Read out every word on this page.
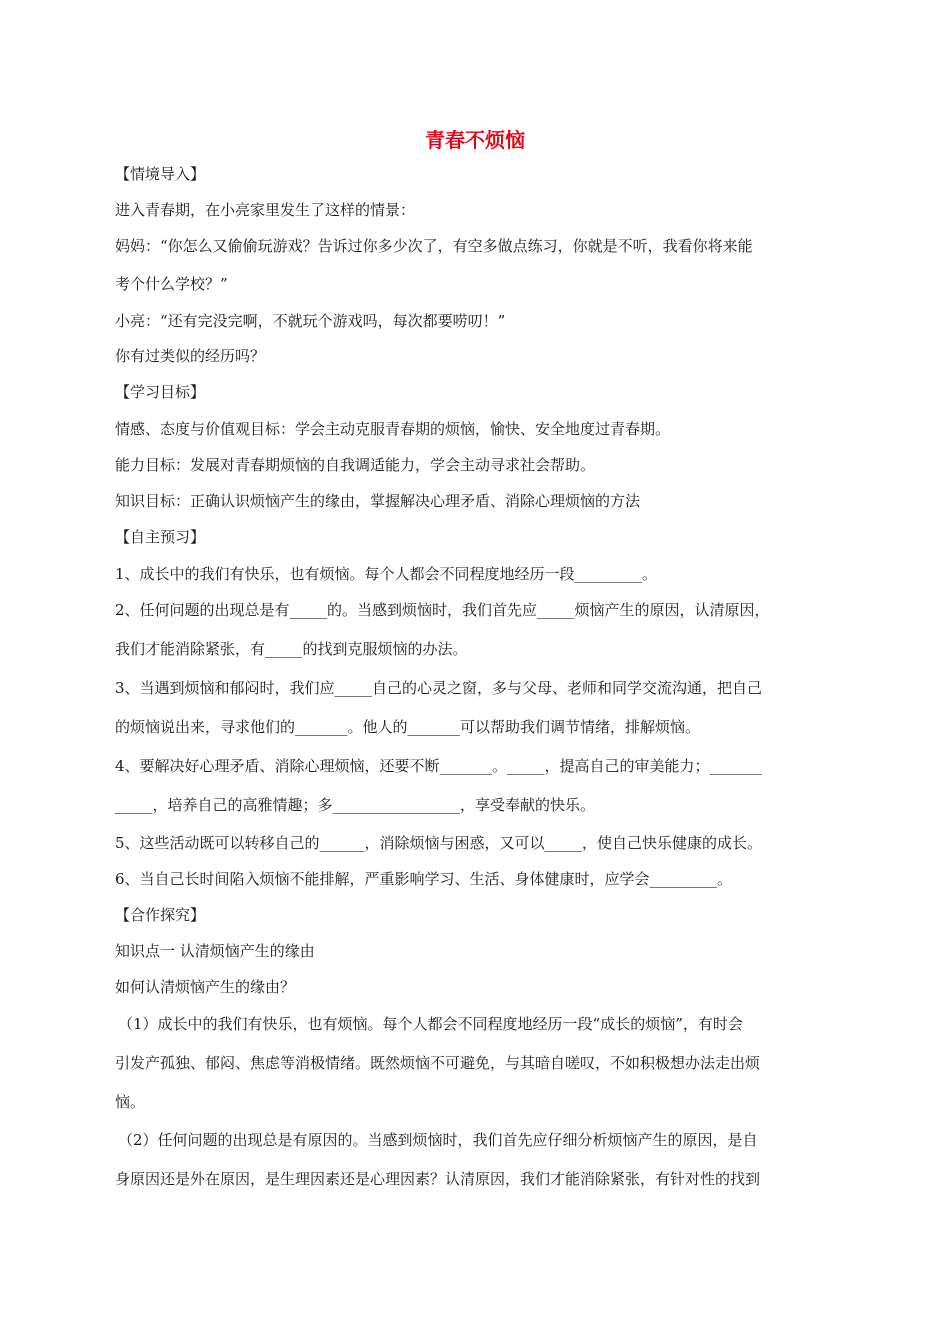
青春不烦恼

【情境导入】

进入青春期，在小亮家里发生了这样的情景：

妈妈：“你怎么又偷偷玩游戏？告诉过你多少次了，有空多做点练习，你就是不听，我看你将来能

考个什么学校？”

小亮：“还有完没完啊，不就玩个游戏吗，每次都要唠叨！”

你有过类似的经历吗？

【学习目标】

情感、态度与价值观目标：学会主动克服青春期的烦恼，愉快、安全地度过青春期。

能力目标：发展对青春期烦恼的自我调适能力，学会主动寻求社会帮助。

知识目标：正确认识烦恼产生的缘由，掌握解决心理矛盾、消除心理烦恼的方法

【自主预习】

1、成长中的我们有快乐，也有烦恼。每个人都会不同程度地经历一段_________。

2、任何问题的出现总是有_____的。当感到烦恼时，我们首先应_____烦恼产生的原因，认清原因，

我们才能消除紧张，有_____的找到克服烦恼的办法。

3、当遇到烦恼和郁闷时，我们应_____自己的心灵之窗，多与父母、老师和同学交流沟通，把自己

的烦恼说出来，寻求他们的_______。他人的_______可以帮助我们调节情绪，排解烦恼。

4、要解决好心理矛盾、消除心理烦恼，还要不断_______。_____，提高自己的审美能力；_______

_____，培养自己的高雅情趣；多_________________，享受奉献的快乐。

5、这些活动既可以转移自己的______，消除烦恼与困惑，又可以_____，使自己快乐健康的成长。

6、当自己长时间陷入烦恼不能排解，严重影响学习、生活、身体健康时，应学会_________。

【合作探究】

知识点一 认清烦恼产生的缘由

如何认清烦恼产生的缘由？

（1）成长中的我们有快乐，也有烦恼。每个人都会不同程度地经历一段“成长的烦恼”，有时会

引发产孤独、郁闷、焦虑等消极情绪。既然烦恼不可避免，与其暗自嗟叹，不如积极想办法走出烦

恼。

（2）任何问题的出现总是有原因的。当感到烦恼时，我们首先应仔细分析烦恼产生的原因，是自

身原因还是外在原因，是生理因素还是心理因素？认清原因，我们才能消除紧张，有针对性的找到
